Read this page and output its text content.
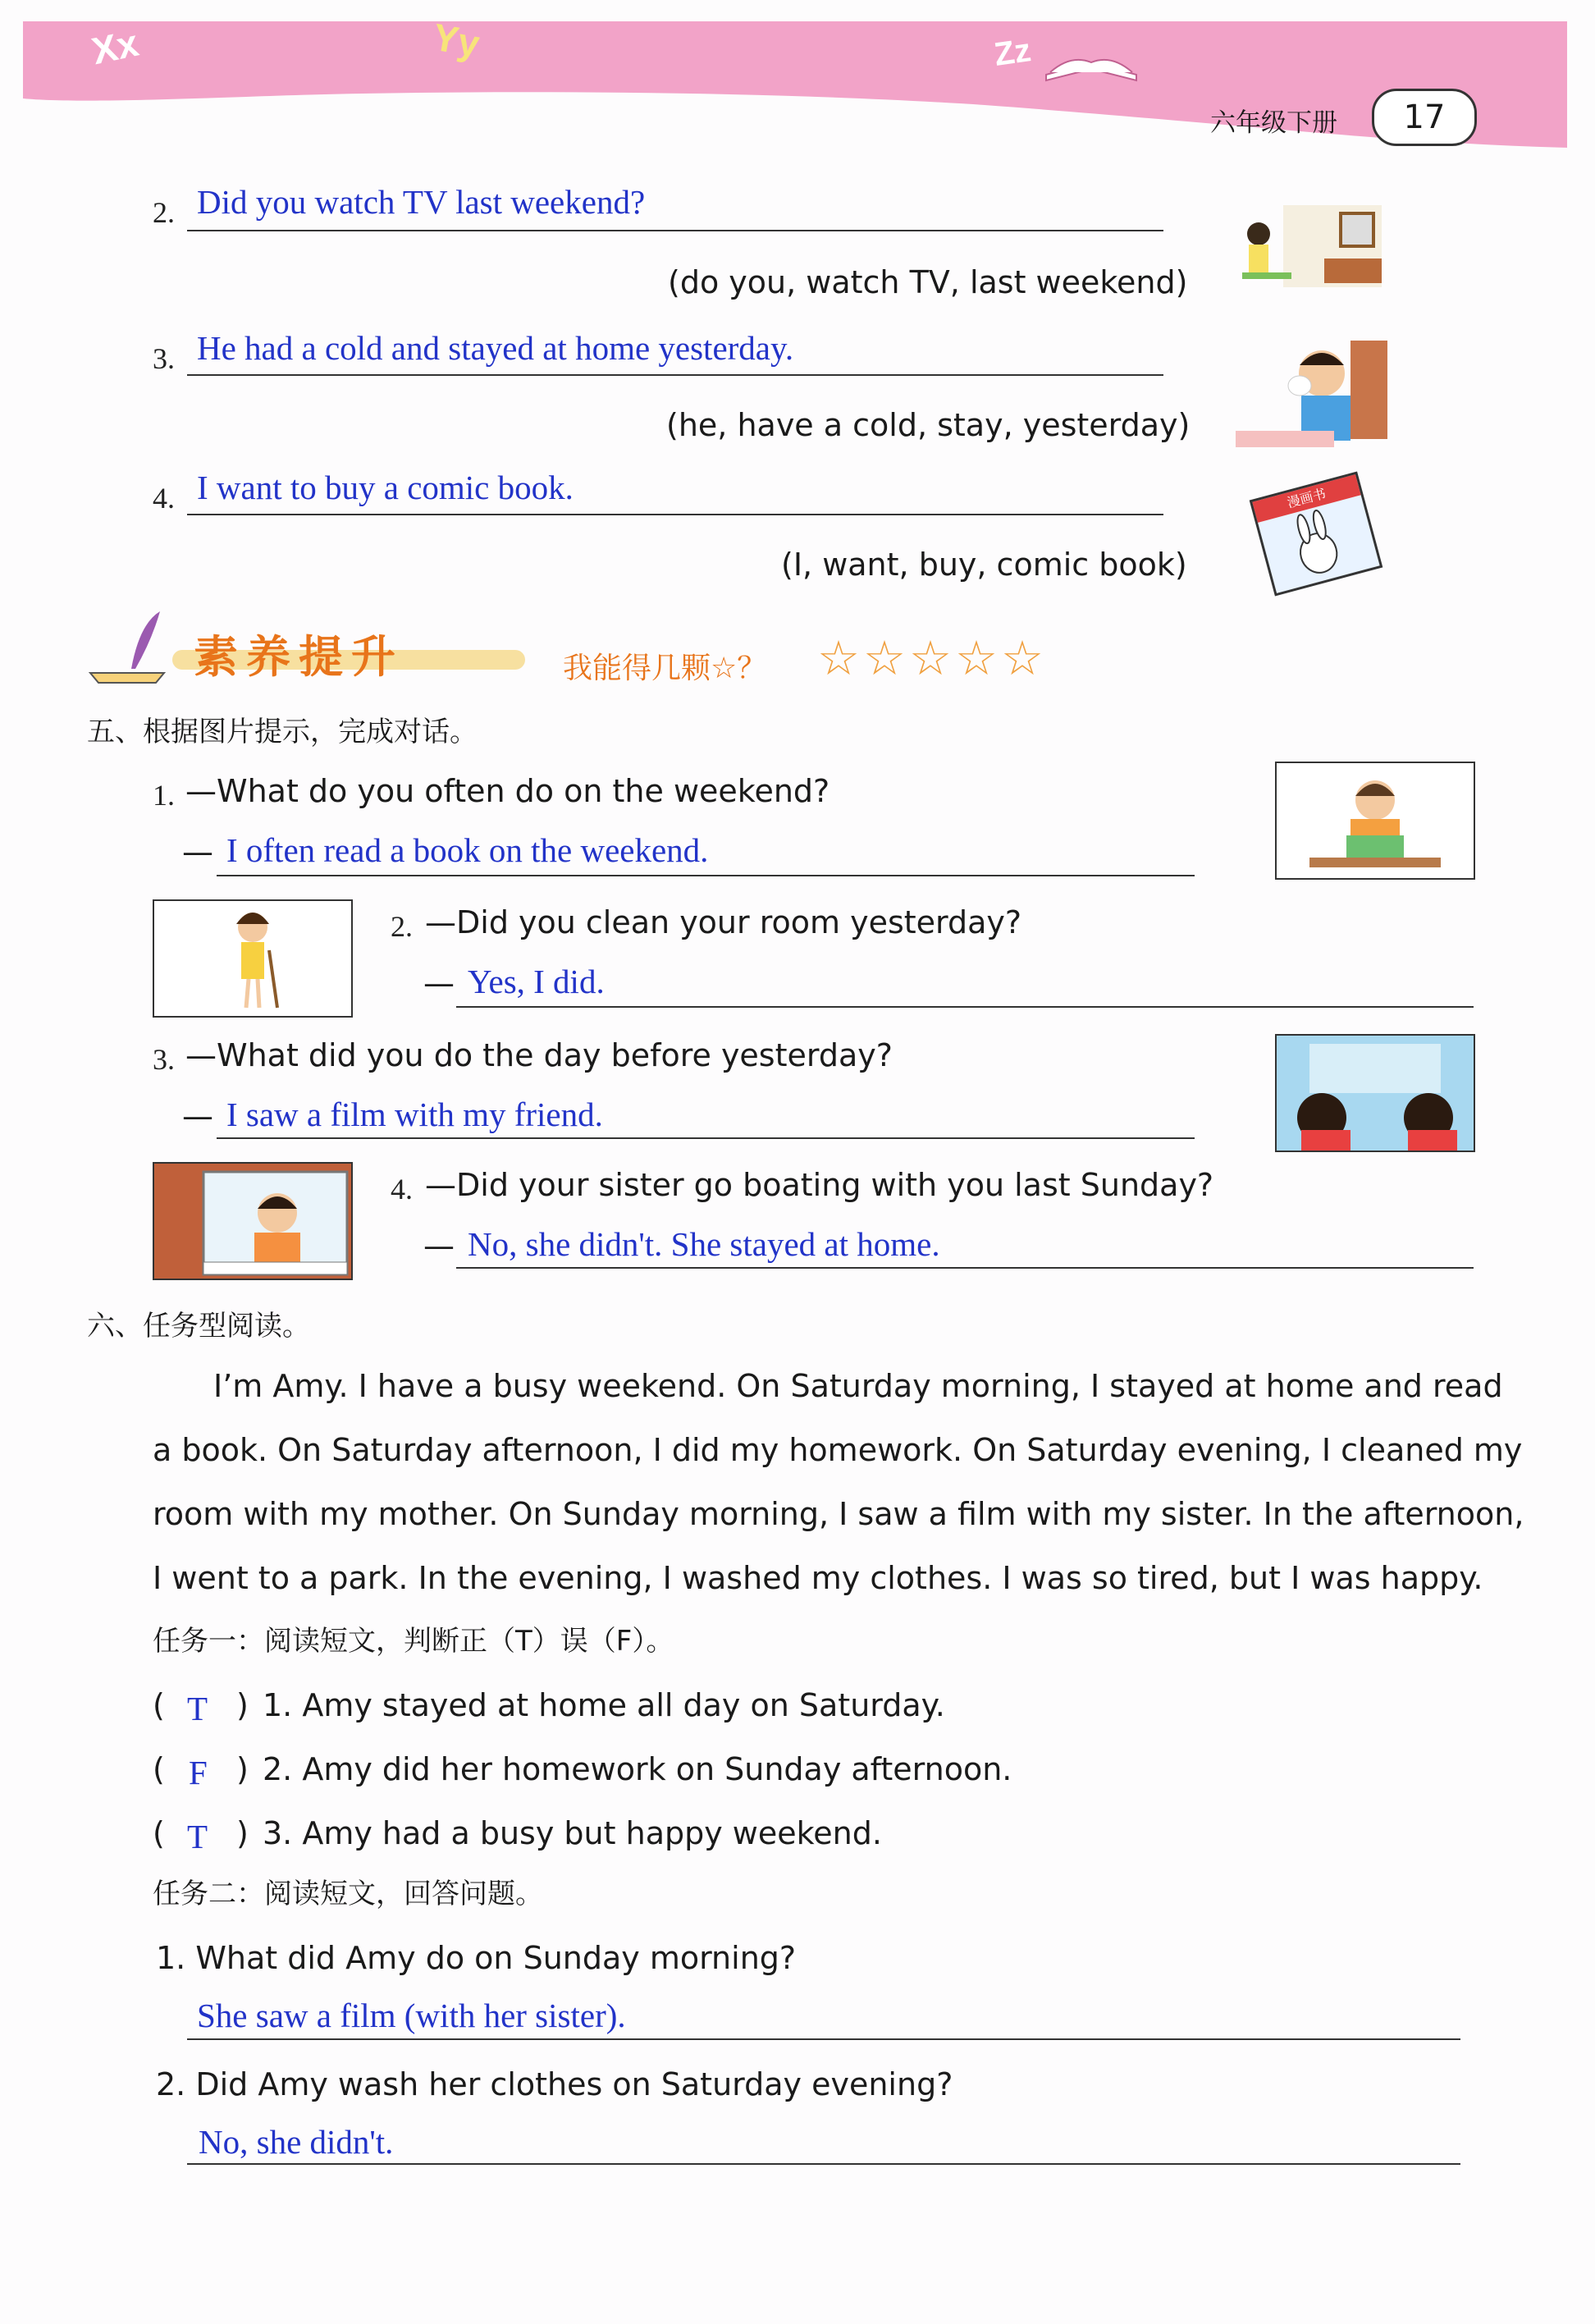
Xx	Yy	Zz
六年级下册	17
2. Did you watch TV last weekend?
(do you, watch TV, last weekend)
3. He had a cold and stayed at home yesterday.
(he, have a cold, stay, yesterday)
4. I want to buy a comic book.
(I, want, buy, comic book)
漫画书
素养提升	我能得几颗☆？ ☆☆☆☆☆
五、根据图片提示，完成对话。
1. —What do you often do on the weekend?
— I often read a book on the weekend.
2. —Did you clean your room yesterday?
— Yes, I did.
3. —What did you do the day before yesterday?
— I saw a film with my friend.
4. —Did your sister go boating with you last Sunday?
— No, she didn't. She stayed at home.
六、任务型阅读。
I’m Amy. I have a busy weekend. On Saturday morning, I stayed at home and read
a book. On Saturday afternoon, I did my homework. On Saturday evening, I cleaned my
room with my mother. On Sunday morning, I saw a film with my sister. In the afternoon,
I went to a park. In the evening, I washed my clothes. I was so tired, but I was happy.
任务一：阅读短文，判断正（T）误（F）。
( T ) 1. Amy stayed at home all day on Saturday.
( F ) 2. Amy did her homework on Sunday afternoon.
( T ) 3. Amy had a busy but happy weekend.
任务二：阅读短文，回答问题。
1. What did Amy do on Sunday morning?
She saw a film (with her sister).
2. Did Amy wash her clothes on Saturday evening?
No, she didn't.
